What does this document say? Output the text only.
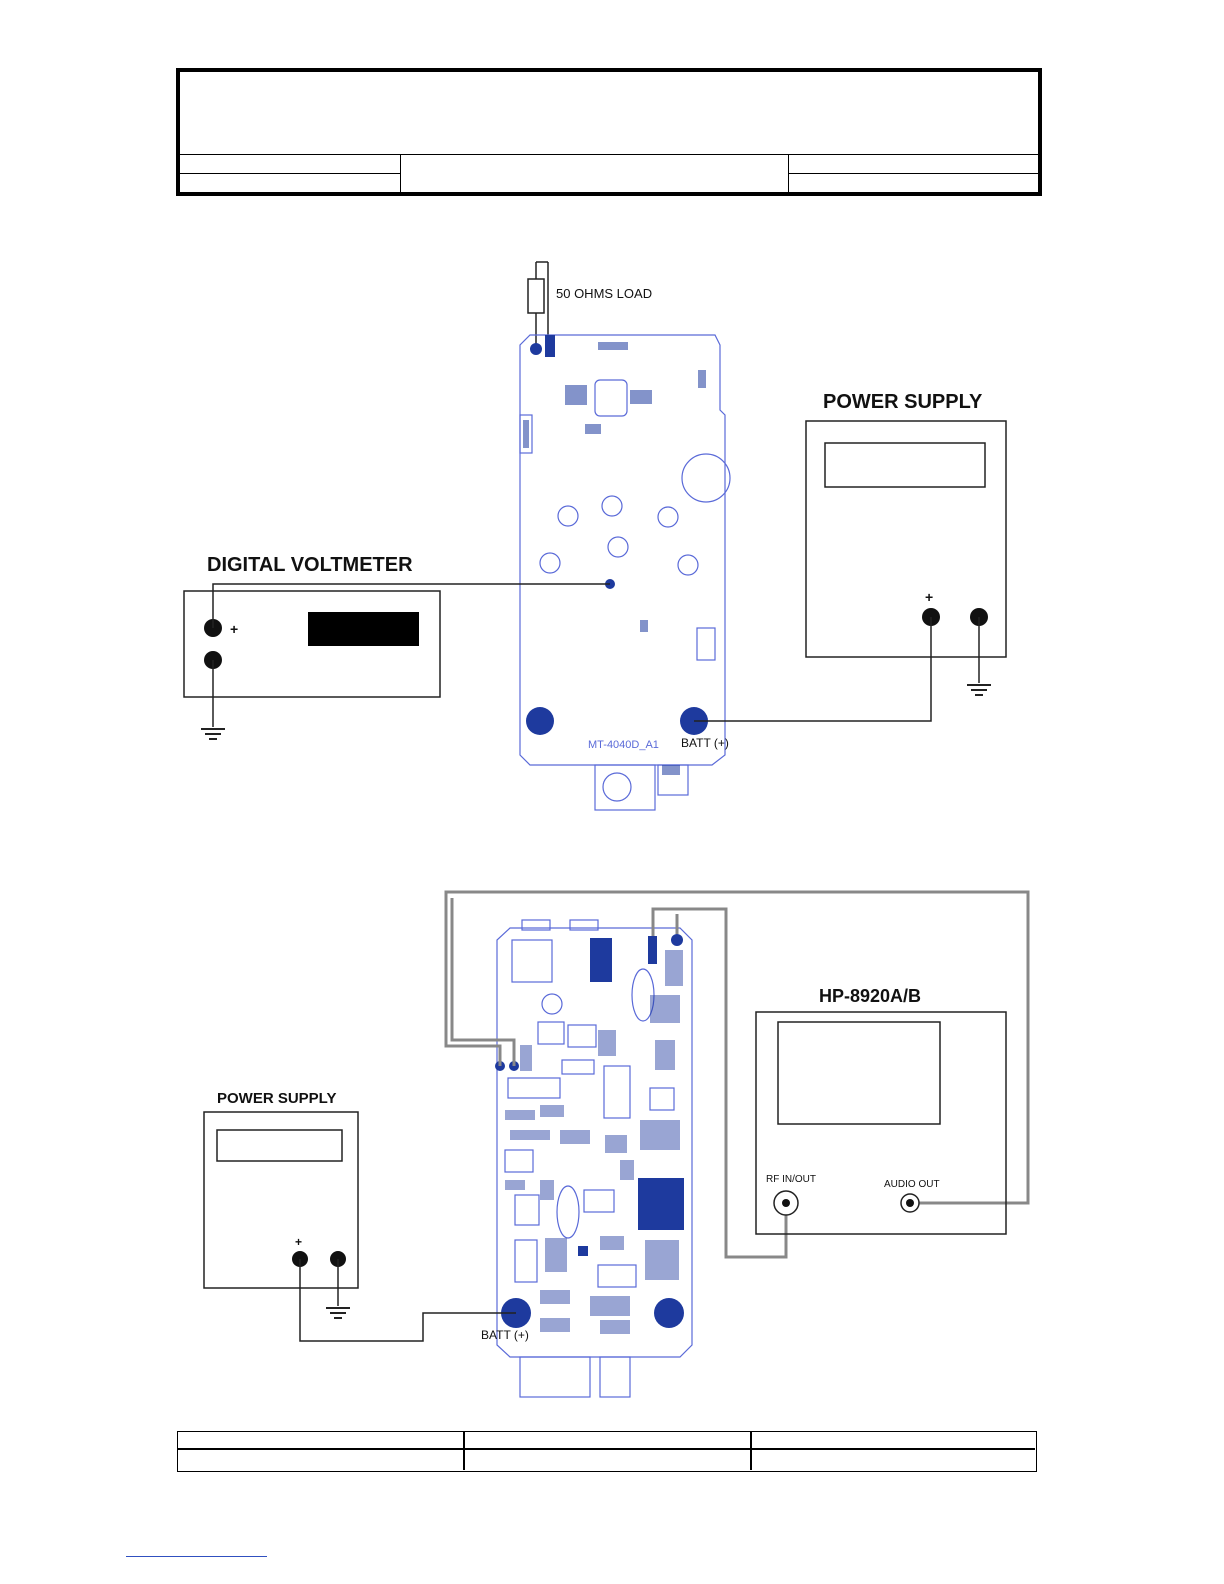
50 OHMS LOAD
MT-4040D_A1 BATT (+)
POWER SUPPLY
+
DIGITAL VOLTMETER
+
BATT (+)
HP-8920A/B
RF IN/OUT	AUDIO OUT
POWER SUPPLY
+
